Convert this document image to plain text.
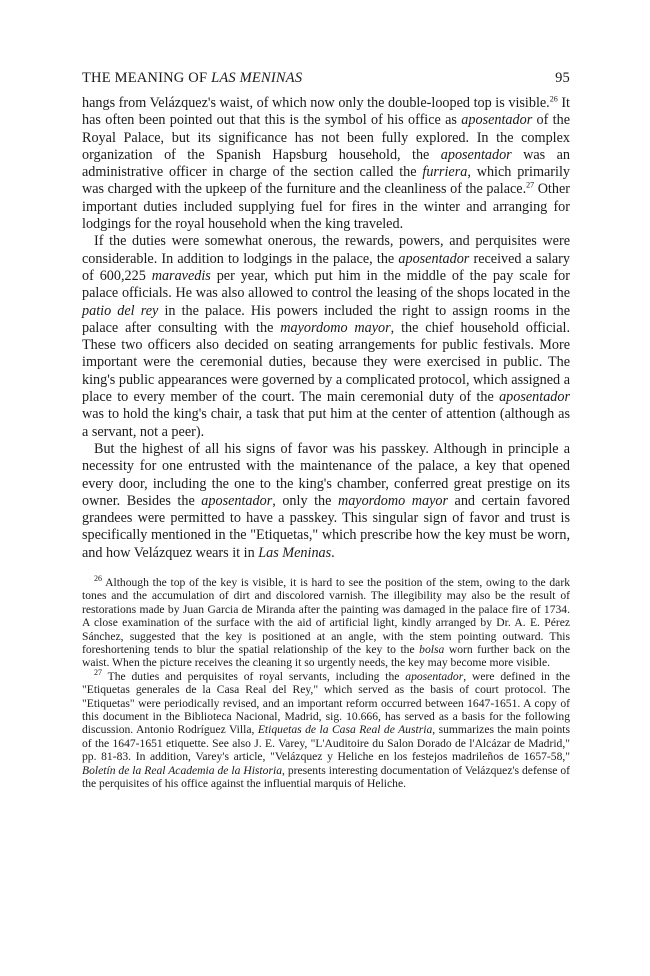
THE MEANING OF LAS MENINAS	95

hangs from Velázquez's waist, of which now only the double-looped top is visible.$^{26}$ It has often been pointed out that this is the symbol of his office as aposentador of the Royal Palace, but its significance has not been fully explored. In the complex organization of the Spanish Hapsburg household, the aposentador was an administrative officer in charge of the section called the furriera, which primarily was charged with the upkeep of the furniture and the cleanliness of the palace.$^{27}$ Other important duties included supplying fuel for fires in the winter and arranging for lodgings for the royal household when the king traveled.

If the duties were somewhat onerous, the rewards, powers, and perquisites were considerable. In addition to lodgings in the palace, the aposentador received a salary of 600,225 maravedis per year, which put him in the middle of the pay scale for palace officials. He was also allowed to control the leasing of the shops located in the patio del rey in the palace. His powers included the right to assign rooms in the palace after consulting with the mayordomo mayor, the chief household official. These two officers also decided on seating arrangements for public festivals. More important were the ceremonial duties, because they were exercised in public. The king's public appearances were governed by a complicated protocol, which assigned a place to every member of the court. The main ceremonial duty of the aposentador was to hold the king's chair, a task that put him at the center of attention (although as a servant, not a peer).

But the highest of all his signs of favor was his passkey. Although in principle a necessity for one entrusted with the maintenance of the palace, a key that opened every door, including the one to the king's chamber, conferred great prestige on its owner. Besides the aposentador, only the mayordomo mayor and certain favored grandees were permitted to have a passkey. This singular sign of favor and trust is specifically mentioned in the "Etiquetas," which prescribe how the key must be worn, and how Velázquez wears it in Las Meninas.

$^{26}$ Although the top of the key is visible, it is hard to see the position of the stem, owing to the dark tones and the accumulation of dirt and discolored varnish. The illegibility may also be the result of restorations made by Juan Garcia de Miranda after the painting was damaged in the palace fire of 1734. A close examination of the surface with the aid of artificial light, kindly arranged by Dr. A. E. Pérez Sánchez, suggested that the key is positioned at an angle, with the stem pointing outward. This foreshortening tends to blur the spatial relationship of the key to the bolsa worn further back on the waist. When the picture receives the cleaning it so urgently needs, the key may become more visible.

$^{27}$ The duties and perquisites of royal servants, including the aposentador, were defined in the "Etiquetas generales de la Casa Real del Rey," which served as the basis of court protocol. The "Etiquetas" were periodically revised, and an important reform occurred between 1647-1651. A copy of this document in the Biblioteca Nacional, Madrid, sig. 10.666, has served as a basis for the following discussion. Antonio Rodríguez Villa, Etiquetas de la Casa Real de Austria, summarizes the main points of the 1647-1651 etiquette. See also J. E. Varey, "L'Auditoire du Salon Dorado de l'Alcázar de Madrid," pp. 81-83. In addition, Varey's article, "Velázquez y Heliche en los festejos madrileños de 1657-58," Boletín de la Real Academia de la Historia, presents interesting documentation of Velázquez's defense of the perquisites of his office against the influential marquis of Heliche.
